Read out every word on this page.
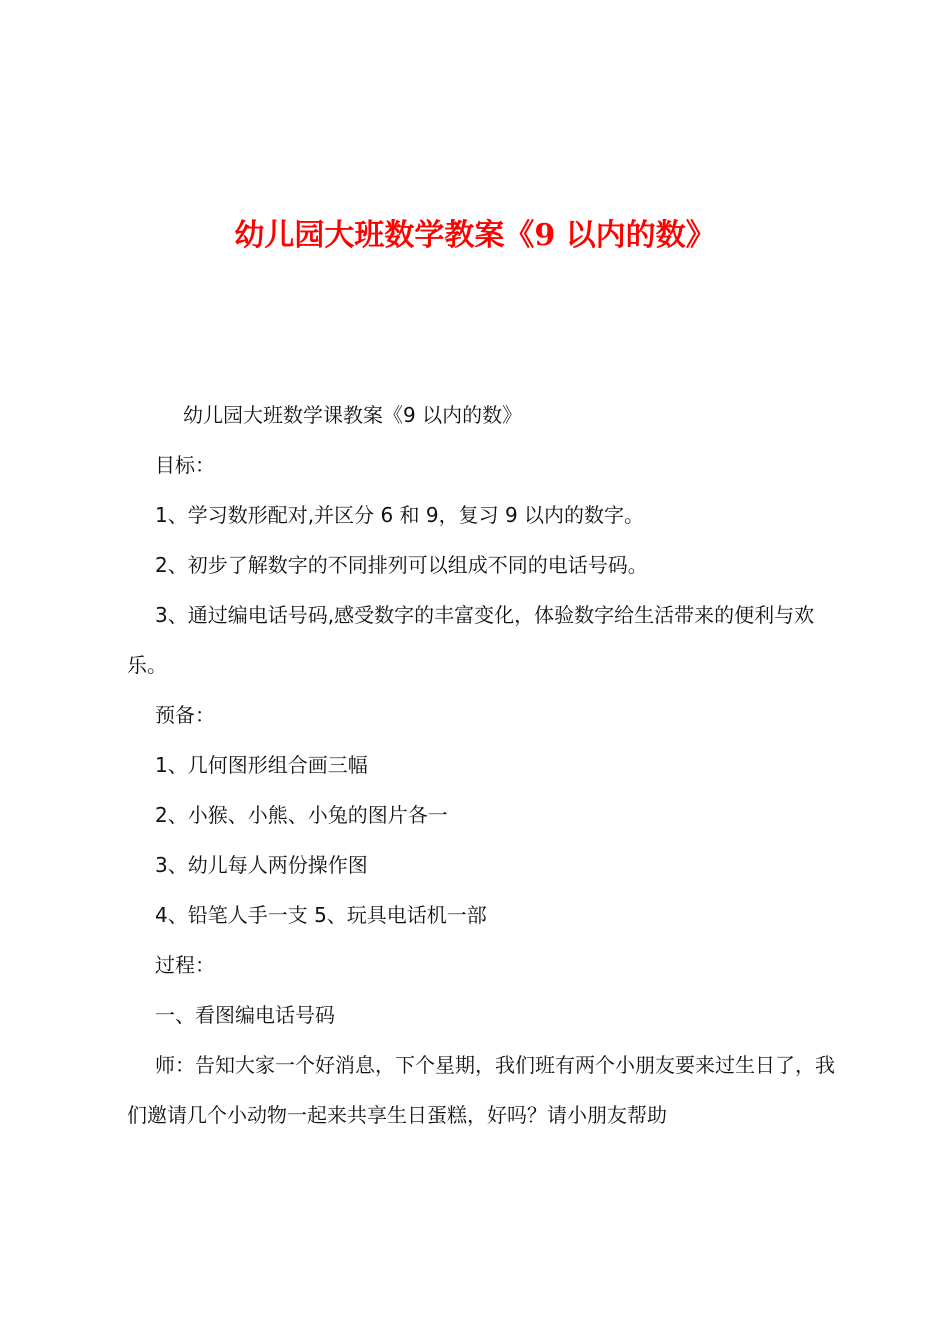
幼儿园大班数学教案《9 以内的数》

幼儿园大班数学课教案《9 以内的数》

目标：

1、学习数形配对,并区分 6 和 9，复习 9 以内的数字。

2、初步了解数字的不同排列可以组成不同的电话号码。

3、通过编电话号码,感受数字的丰富变化，体验数字给生活带来的便利与欢乐。

预备：

1、几何图形组合画三幅

2、小猴、小熊、小兔的图片各一

3、幼儿每人两份操作图

4、铅笔人手一支 5、玩具电话机一部

过程：

一、看图编电话号码

师：告知大家一个好消息，下个星期，我们班有两个小朋友要来过生日了，我们邀请几个小动物一起来共享生日蛋糕，好吗？请小朋友帮助
